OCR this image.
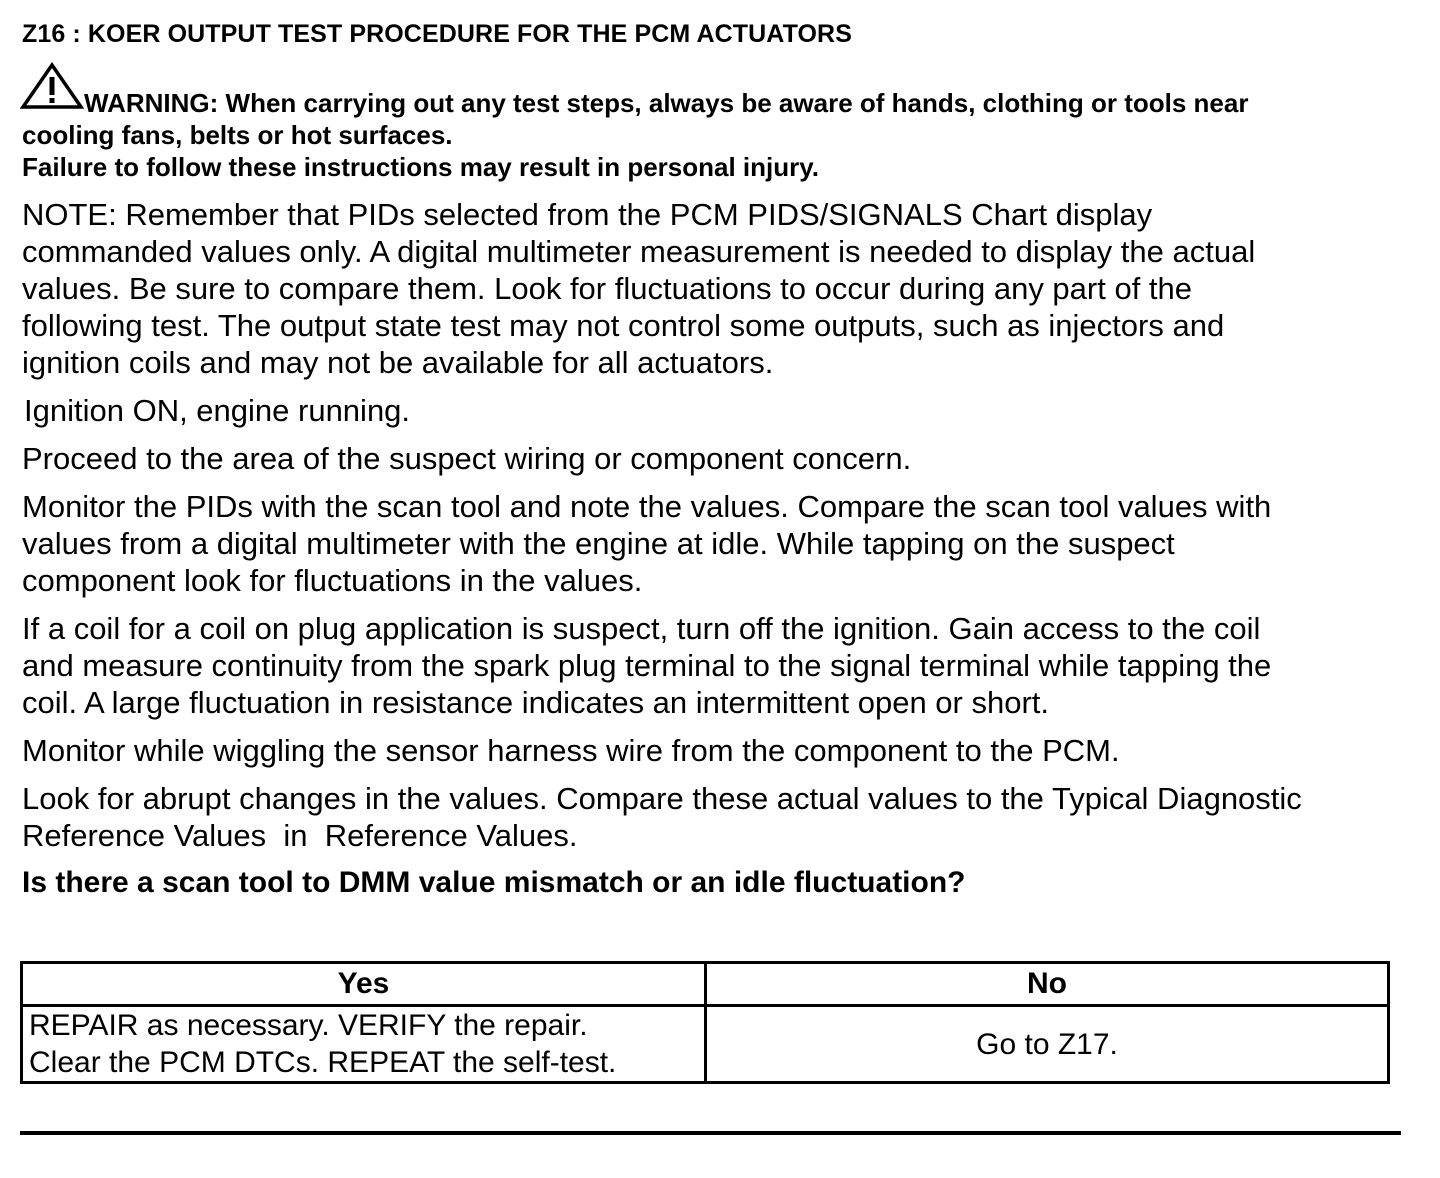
Z16 : KOER OUTPUT TEST PROCEDURE FOR THE PCM ACTUATORS
WARNING: When carrying out any test steps, always be aware of hands, clothing or tools near
cooling fans, belts or hot surfaces.
Failure to follow these instructions may result in personal injury.
NOTE: Remember that PIDs selected from the PCM PIDS/SIGNALS Chart display
commanded values only. A digital multimeter measurement is needed to display the actual
values. Be sure to compare them. Look for fluctuations to occur during any part of the
following test. The output state test may not control some outputs, such as injectors and
ignition coils and may not be available for all actuators.
Ignition ON, engine running.
Proceed to the area of the suspect wiring or component concern.
Monitor the PIDs with the scan tool and note the values. Compare the scan tool values with
values from a digital multimeter with the engine at idle. While tapping on the suspect
component look for fluctuations in the values.
If a coil for a coil on plug application is suspect, turn off the ignition. Gain access to the coil
and measure continuity from the spark plug terminal to the signal terminal while tapping the
coil. A large fluctuation in resistance indicates an intermittent open or short.
Monitor while wiggling the sensor harness wire from the component to the PCM.
Look for abrupt changes in the values. Compare these actual values to the Typical Diagnostic
Reference Values  in  Reference Values.
Is there a scan tool to DMM value mismatch or an idle fluctuation?
Yes	No

REPAIR as necessary. VERIFY the repair.
Clear the PCM DTCs. REPEAT the self-test.	Go to Z17.
